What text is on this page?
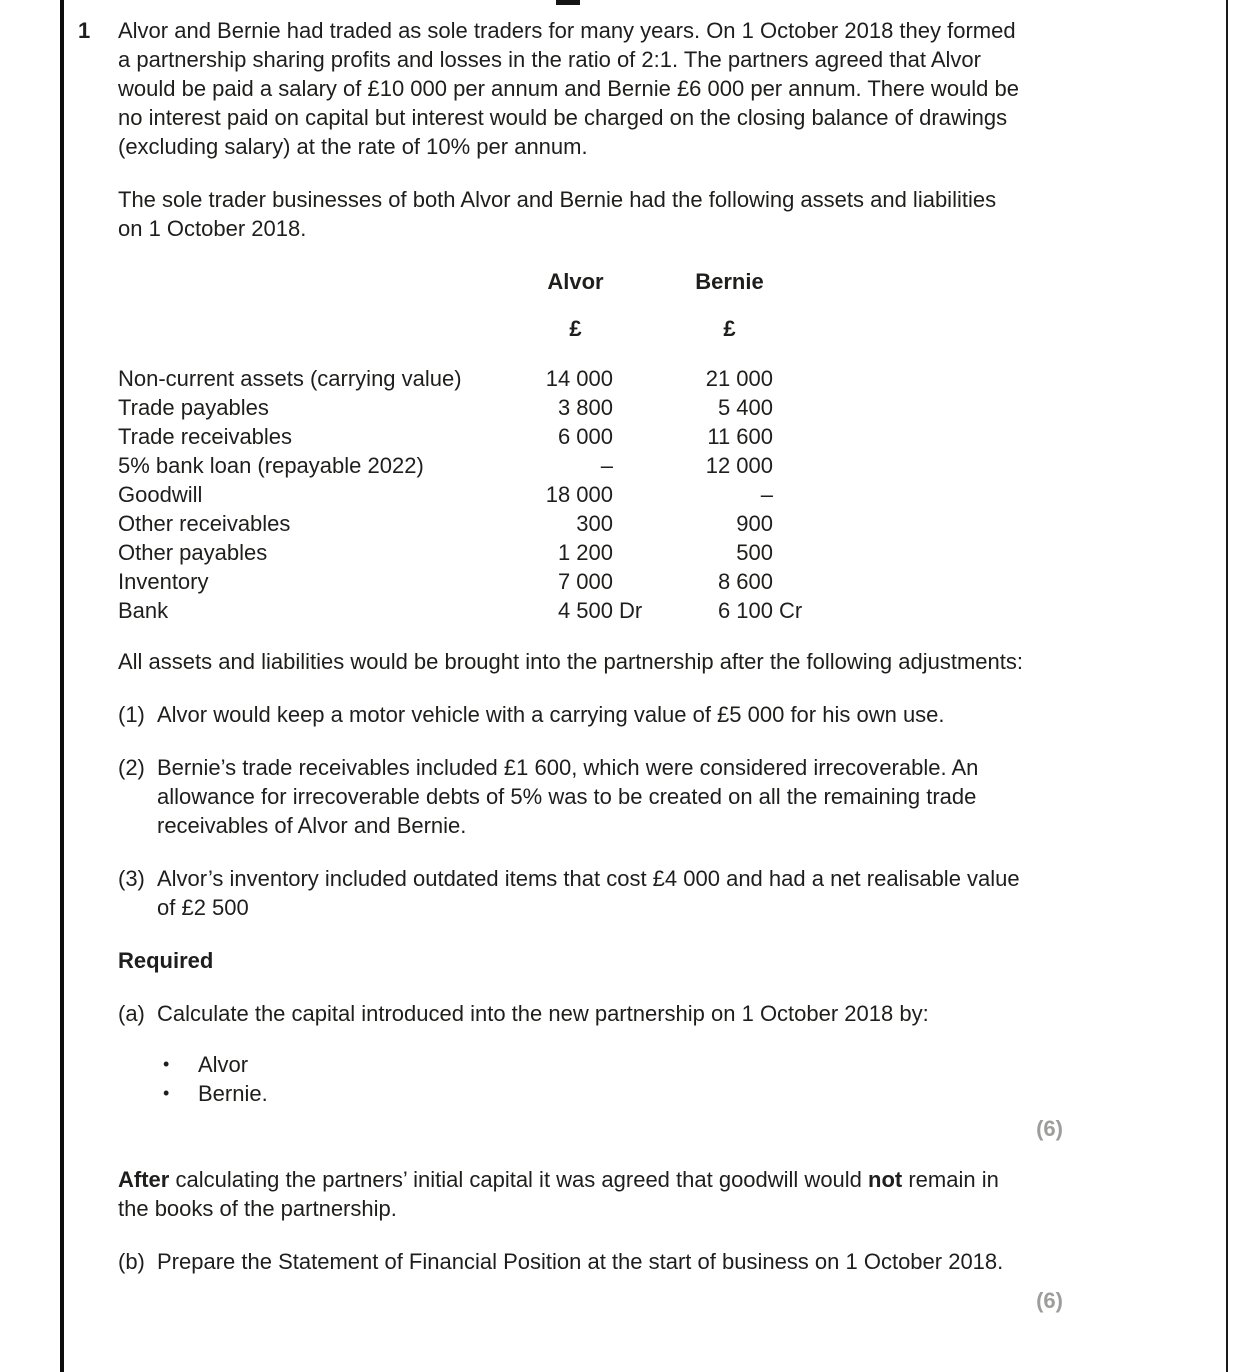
1	Alvor and Bernie had traded as sole traders for many years. On 1 October 2018 they formed a partnership sharing profits and losses in the ratio of 2:1. The partners agreed that Alvor would be paid a salary of £10 000 per annum and Bernie £6 000 per annum. There would be no interest paid on capital but interest would be charged on the closing balance of drawings (excluding salary) at the rate of 10% per annum.

The sole trader businesses of both Alvor and Bernie had the following assets and liabilities on 1 October 2018.

Alvor	Bernie
£	£
Non-current assets (carrying value)	14 000	21 000
Trade payables	3 800	5 400
Trade receivables	6 000	11 600
5% bank loan (repayable 2022)	–	12 000
Goodwill	18 000	–
Other receivables	300	900
Other payables	1 200	500
Inventory	7 000	8 600
Bank	4 500 Dr	6 100 Cr

All assets and liabilities would be brought into the partnership after the following adjustments:

(1) Alvor would keep a motor vehicle with a carrying value of £5 000 for his own use.
(2) Bernie’s trade receivables included £1 600, which were considered irrecoverable. An allowance for irrecoverable debts of 5% was to be created on all the remaining trade receivables of Alvor and Bernie.
(3) Alvor’s inventory included outdated items that cost £4 000 and had a net realisable value of £2 500

Required

(a) Calculate the capital introduced into the new partnership on 1 October 2018 by:
•	Alvor
•	Bernie.
(6)

After calculating the partners’ initial capital it was agreed that goodwill would not remain in the books of the partnership.

(b) Prepare the Statement of Financial Position at the start of business on 1 October 2018.
(6)
